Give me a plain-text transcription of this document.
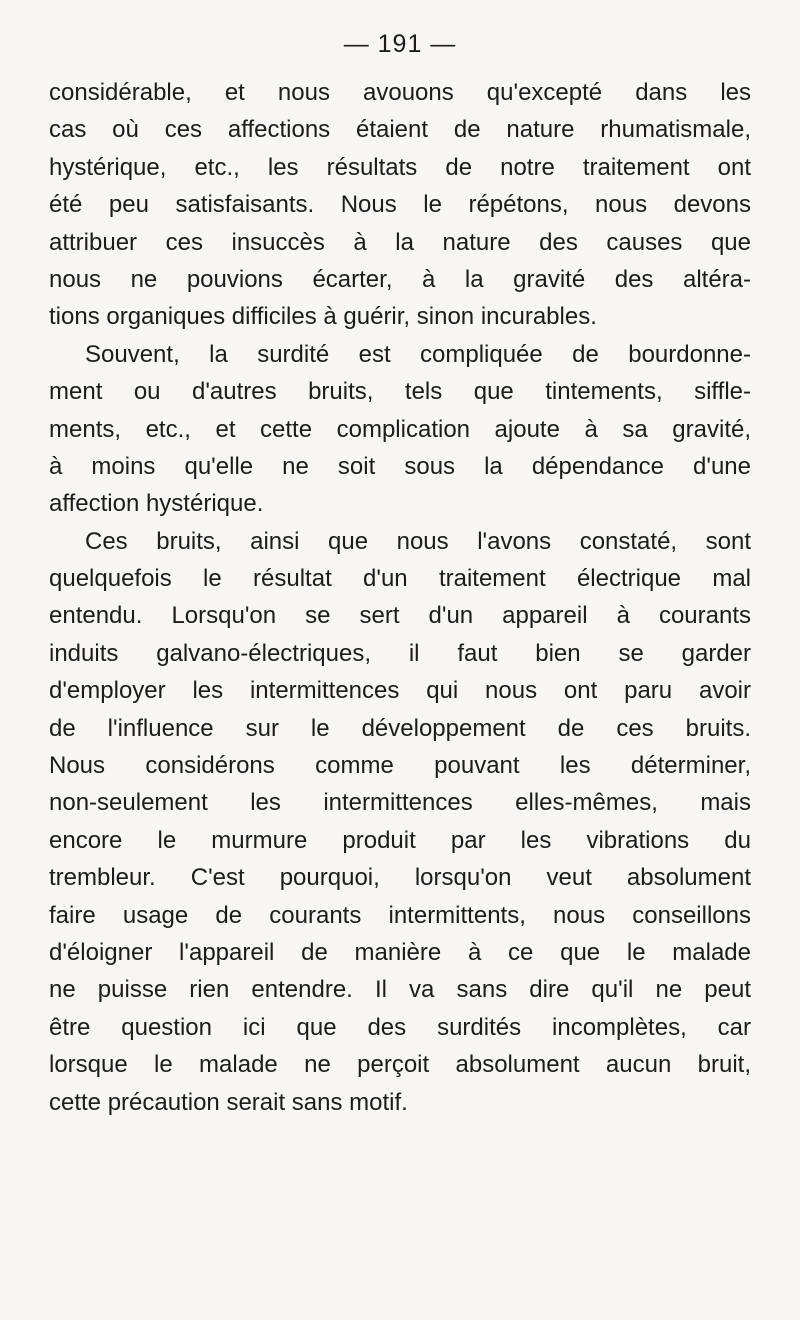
— 191 —
considérable, et nous avouons qu'excepté dans les
cas où ces affections étaient de nature rhumatismale,
hystérique, etc., les résultats de notre traitement ont
été peu satisfaisants. Nous le répétons, nous devons
attribuer ces insuccès à la nature des causes que
nous ne pouvions écarter, à la gravité des altéra-
tions organiques difficiles à guérir, sinon incurables.
Souvent, la surdité est compliquée de bourdonne-
ment ou d'autres bruits, tels que tintements, siffle-
ments, etc., et cette complication ajoute à sa gravité,
à moins qu'elle ne soit sous la dépendance d'une
affection hystérique.
Ces bruits, ainsi que nous l'avons constaté, sont
quelquefois le résultat d'un traitement électrique mal
entendu. Lorsqu'on se sert d'un appareil à courants
induits galvano-électriques, il faut bien se garder
d'employer les intermittences qui nous ont paru avoir
de l'influence sur le développement de ces bruits.
Nous considérons comme pouvant les déterminer,
non-seulement les intermittences elles-mêmes, mais
encore le murmure produit par les vibrations du
trembleur. C'est pourquoi, lorsqu'on veut absolument
faire usage de courants intermittents, nous conseillons
d'éloigner l'appareil de manière à ce que le malade
ne puisse rien entendre. Il va sans dire qu'il ne peut
être question ici que des surdités incomplètes, car
lorsque le malade ne perçoit absolument aucun bruit,
cette précaution serait sans motif.
